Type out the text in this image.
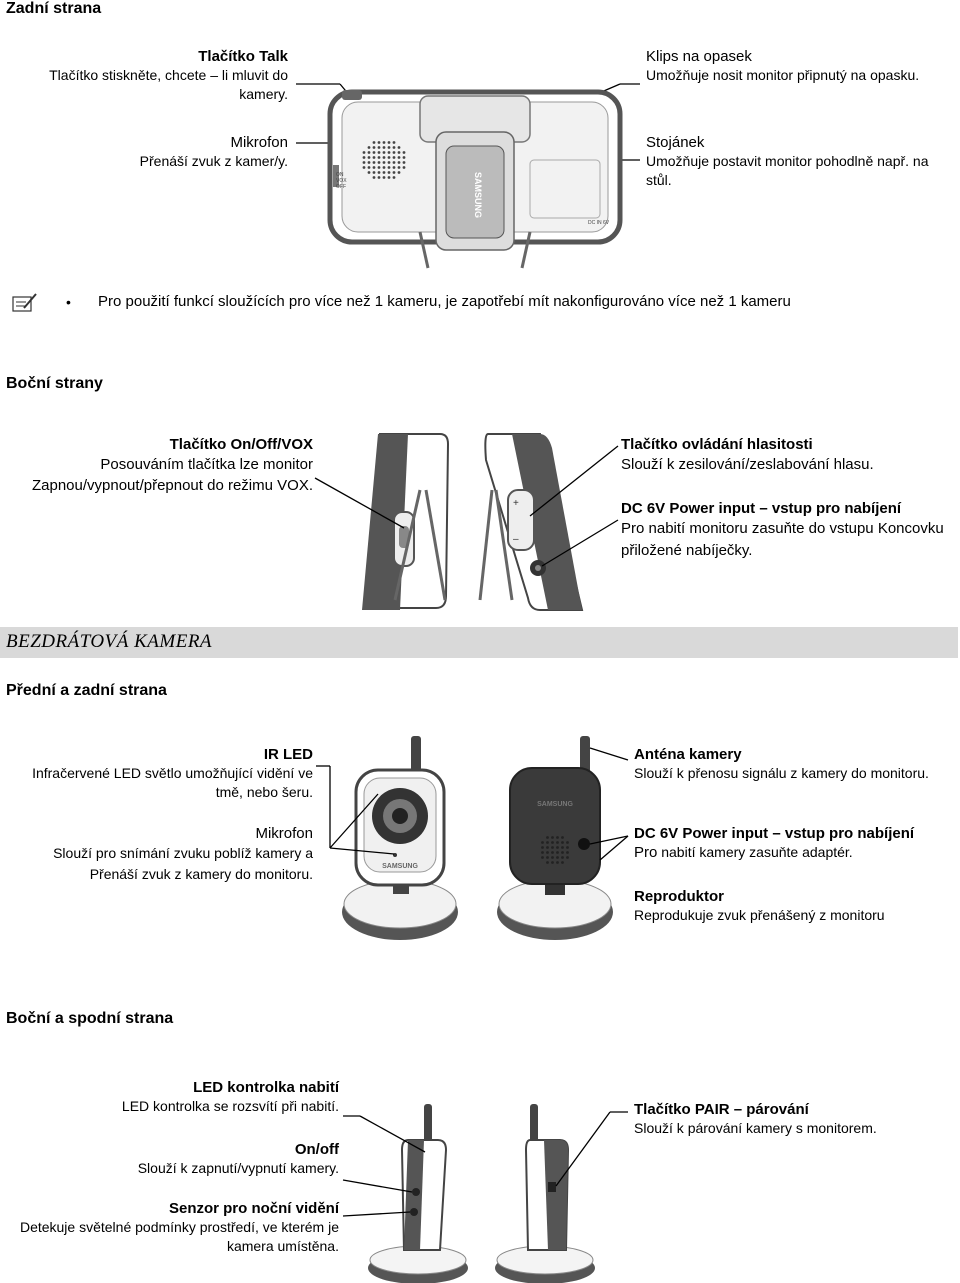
Zadní strana
Tlačítko Talk
Tlačítko stiskněte, chcete – li mluvit do kamery.
Mikrofon
Přenáší zvuk z kamer/y.
Klips na opasek
Umožňuje nosit monitor připnutý na opasku.
Stojánek
Umožňuje postavit monitor pohodlně např. na stůl.
SAMSUNG
DC IN 6V
ON
VOX
OFF
• Pro použití funkcí sloužících pro více než 1 kameru, je zapotřebí mít nakonfigurováno více než 1 kameru
Boční strany
Tlačítko On/Off/VOX
Posouváním tlačítka lze monitor Zapnou/vypnout/přepnout do režimu VOX.
Tlačítko ovládání hlasitosti
Slouží k zesilování/zeslabování hlasu.
DC 6V Power input – vstup pro nabíjení
Pro nabití monitoru zasuňte do vstupu Koncovku přiložené nabíječky.
+
–
BEZDRÁTOVÁ KAMERA
Přední a zadní strana
IR LED
Infračervené LED světlo umožňující vidění ve tmě, nebo šeru.
Mikrofon
Slouží pro snímání zvuku poblíž kamery a Přenáší zvuk z kamery do monitoru.
Anténa kamery
Slouží k přenosu signálu z kamery do monitoru.
DC 6V Power input – vstup pro nabíjení
Pro nabití kamery zasuňte adaptér.
Reproduktor
Reprodukuje zvuk přenášený z monitoru
SAMSUNG
SAMSUNG
Boční a spodní strana
LED kontrolka nabití
LED kontrolka se rozsvítí při nabití.
On/off
Slouží k zapnutí/vypnutí kamery.
Senzor pro noční vidění
Detekuje světelné podmínky prostředí, ve kterém je kamera umístěna.
Tlačítko PAIR – párování
Slouží k párování kamery s monitorem.
